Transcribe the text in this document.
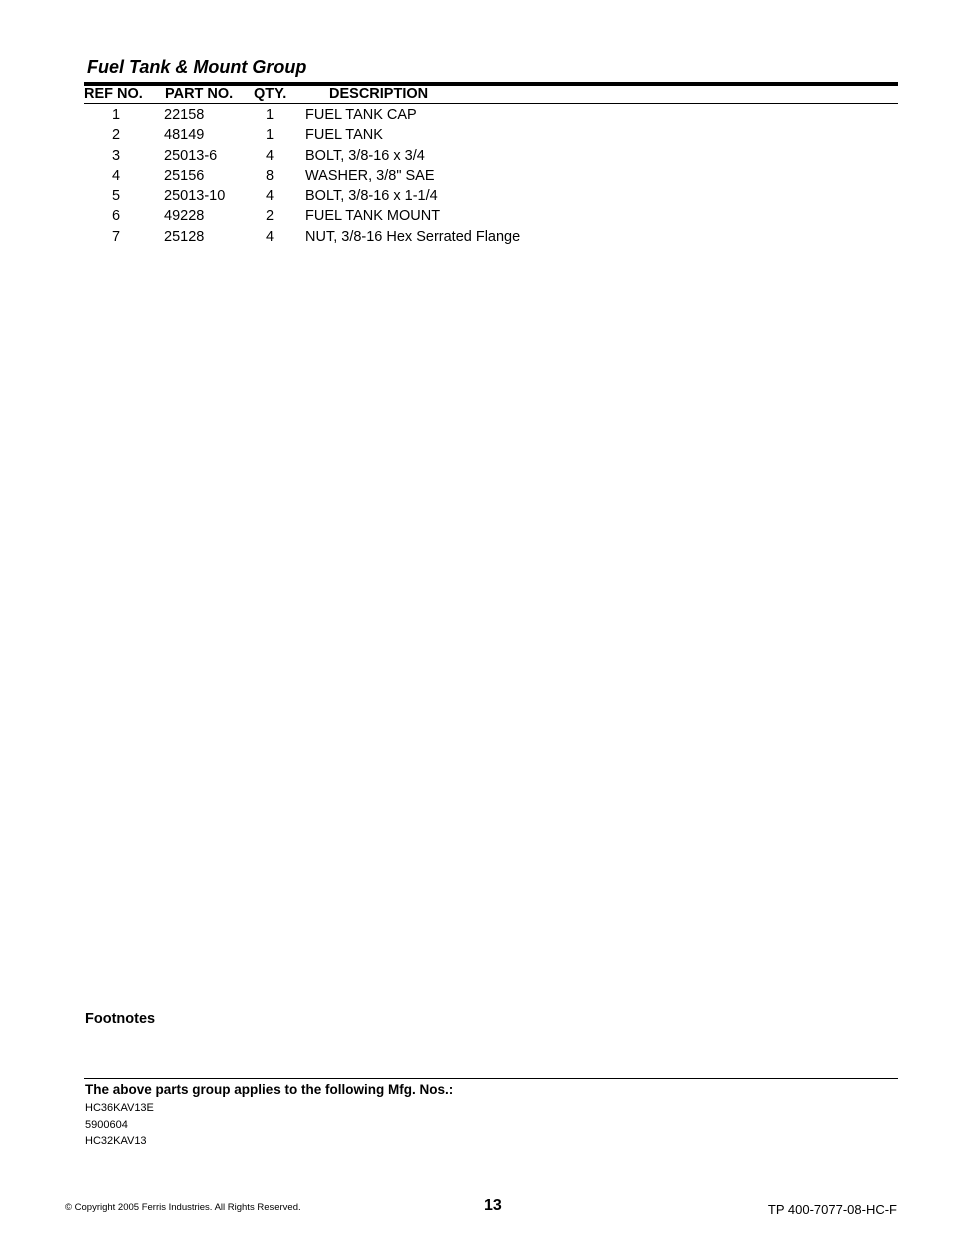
Fuel Tank & Mount Group
REF NO. PART NO. QTY.	DESCRIPTION
1	22158	1 FUEL TANK CAP
2	48149	1 FUEL TANK
3	25013-6	4 BOLT, 3/8-16 x 3/4
4	25156	8 WASHER, 3/8" SAE
5	25013-10	4 BOLT, 3/8-16 x 1-1/4
6	49228	2 FUEL TANK MOUNT
7	25128	4 NUT, 3/8-16 Hex Serrated Flange
Footnotes
The above parts group applies to the following Mfg. Nos.:
HC36KAV13E
5900604
HC32KAV13
© Copyright 2005 Ferris Industries. All Rights Reserved.	13	TP 400-7077-08-HC-F
